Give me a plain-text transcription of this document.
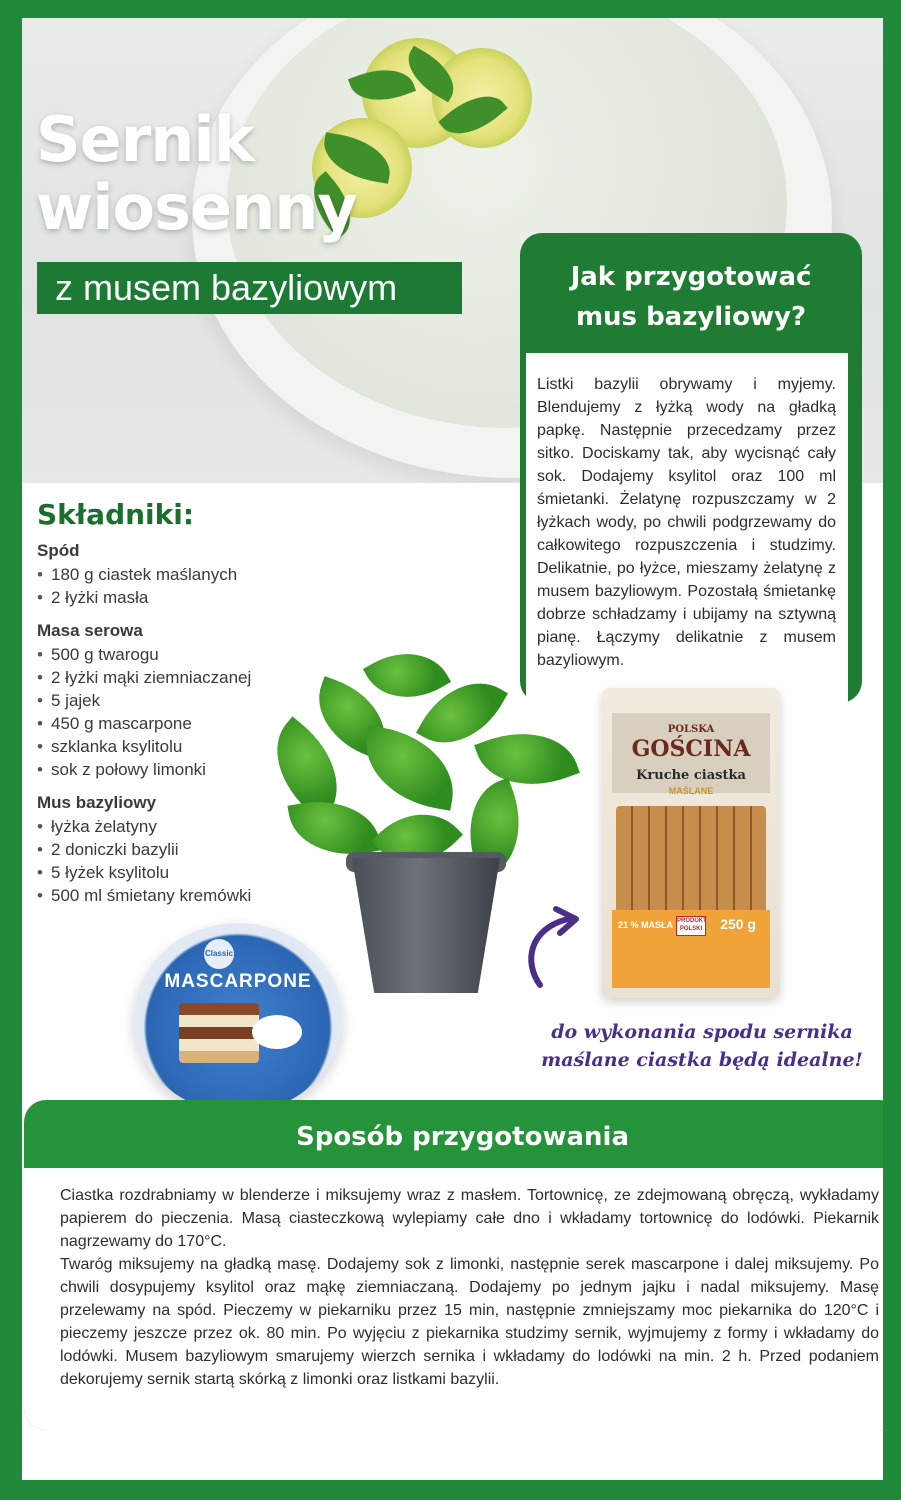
Sernik
wiosenny
z musem bazyliowym	Jak przygotować
mus bazyliowy?
Listki bazylii obrywamy i myjemy. Blendujemy z łyżką wody na gładką papkę. Następnie przecedzamy przez sitko. Dociskamy tak, aby wycisnąć cały sok. Dodajemy ksylitol oraz 100 ml śmietanki. Żelatynę rozpuszczamy w 2 łyżkach wody, po chwili podgrzewamy do całkowitego rozpuszczenia i studzimy. Delikatnie, po łyżce, mieszamy żelatynę z musem bazyliowym. Pozostałą śmietankę dobrze schładzamy i ubijamy na sztywną pianę. Łączymy delikatnie z musem bazyliowym.
Składniki:
Spód
• 180 g ciastek maślanych
• 2 łyżki masła
Masa serowa
• 500 g twarogu
• 2 łyżki mąki ziemniaczanej
• 5 jajek
• 450 g mascarpone
• szklanka ksylitolu
• sok z połowy limonki
Mus bazyliowy
• łyżka żelatyny
• 2 doniczki bazylii
• 5 łyżek ksylitolu
• 500 ml śmietany kremówki
POLSKA
GOŚCINA
Kruche ciastka
MAŚLANE
21 % MASŁA PRODUKT POLSKI 250 g
do wykonania spodu sernika
maślane ciastka będą idealne!
Classic
MASCARPONE
Sposób przygotowania

Ciastka rozdrabniamy w blenderze i miksujemy wraz z masłem. Tortownicę, ze zdejmowaną obręczą, wykładamy papierem do pieczenia. Masą ciasteczkową wylepiamy całe dno i wkładamy tortownicę do lodówki. Piekarnik nagrzewamy do 170°C.

Twaróg miksujemy na gładką masę. Dodajemy sok z limonki, następnie serek mascarpone i dalej miksujemy. Po chwili dosypujemy ksylitol oraz mąkę ziemniaczaną. Dodajemy po jednym jajku i nadal miksujemy. Masę przelewamy na spód. Pieczemy w piekarniku przez 15 min, następnie zmniejszamy moc piekarnika do 120°C i pieczemy jeszcze przez ok. 80 min. Po wyjęciu z piekarnika studzimy sernik, wyjmujemy z formy i wkładamy do lodówki. Musem bazyliowym smarujemy wierzch sernika i wkładamy do lodówki na min. 2 h. Przed podaniem dekorujemy sernik startą skórką z limonki oraz listkami bazylii.
